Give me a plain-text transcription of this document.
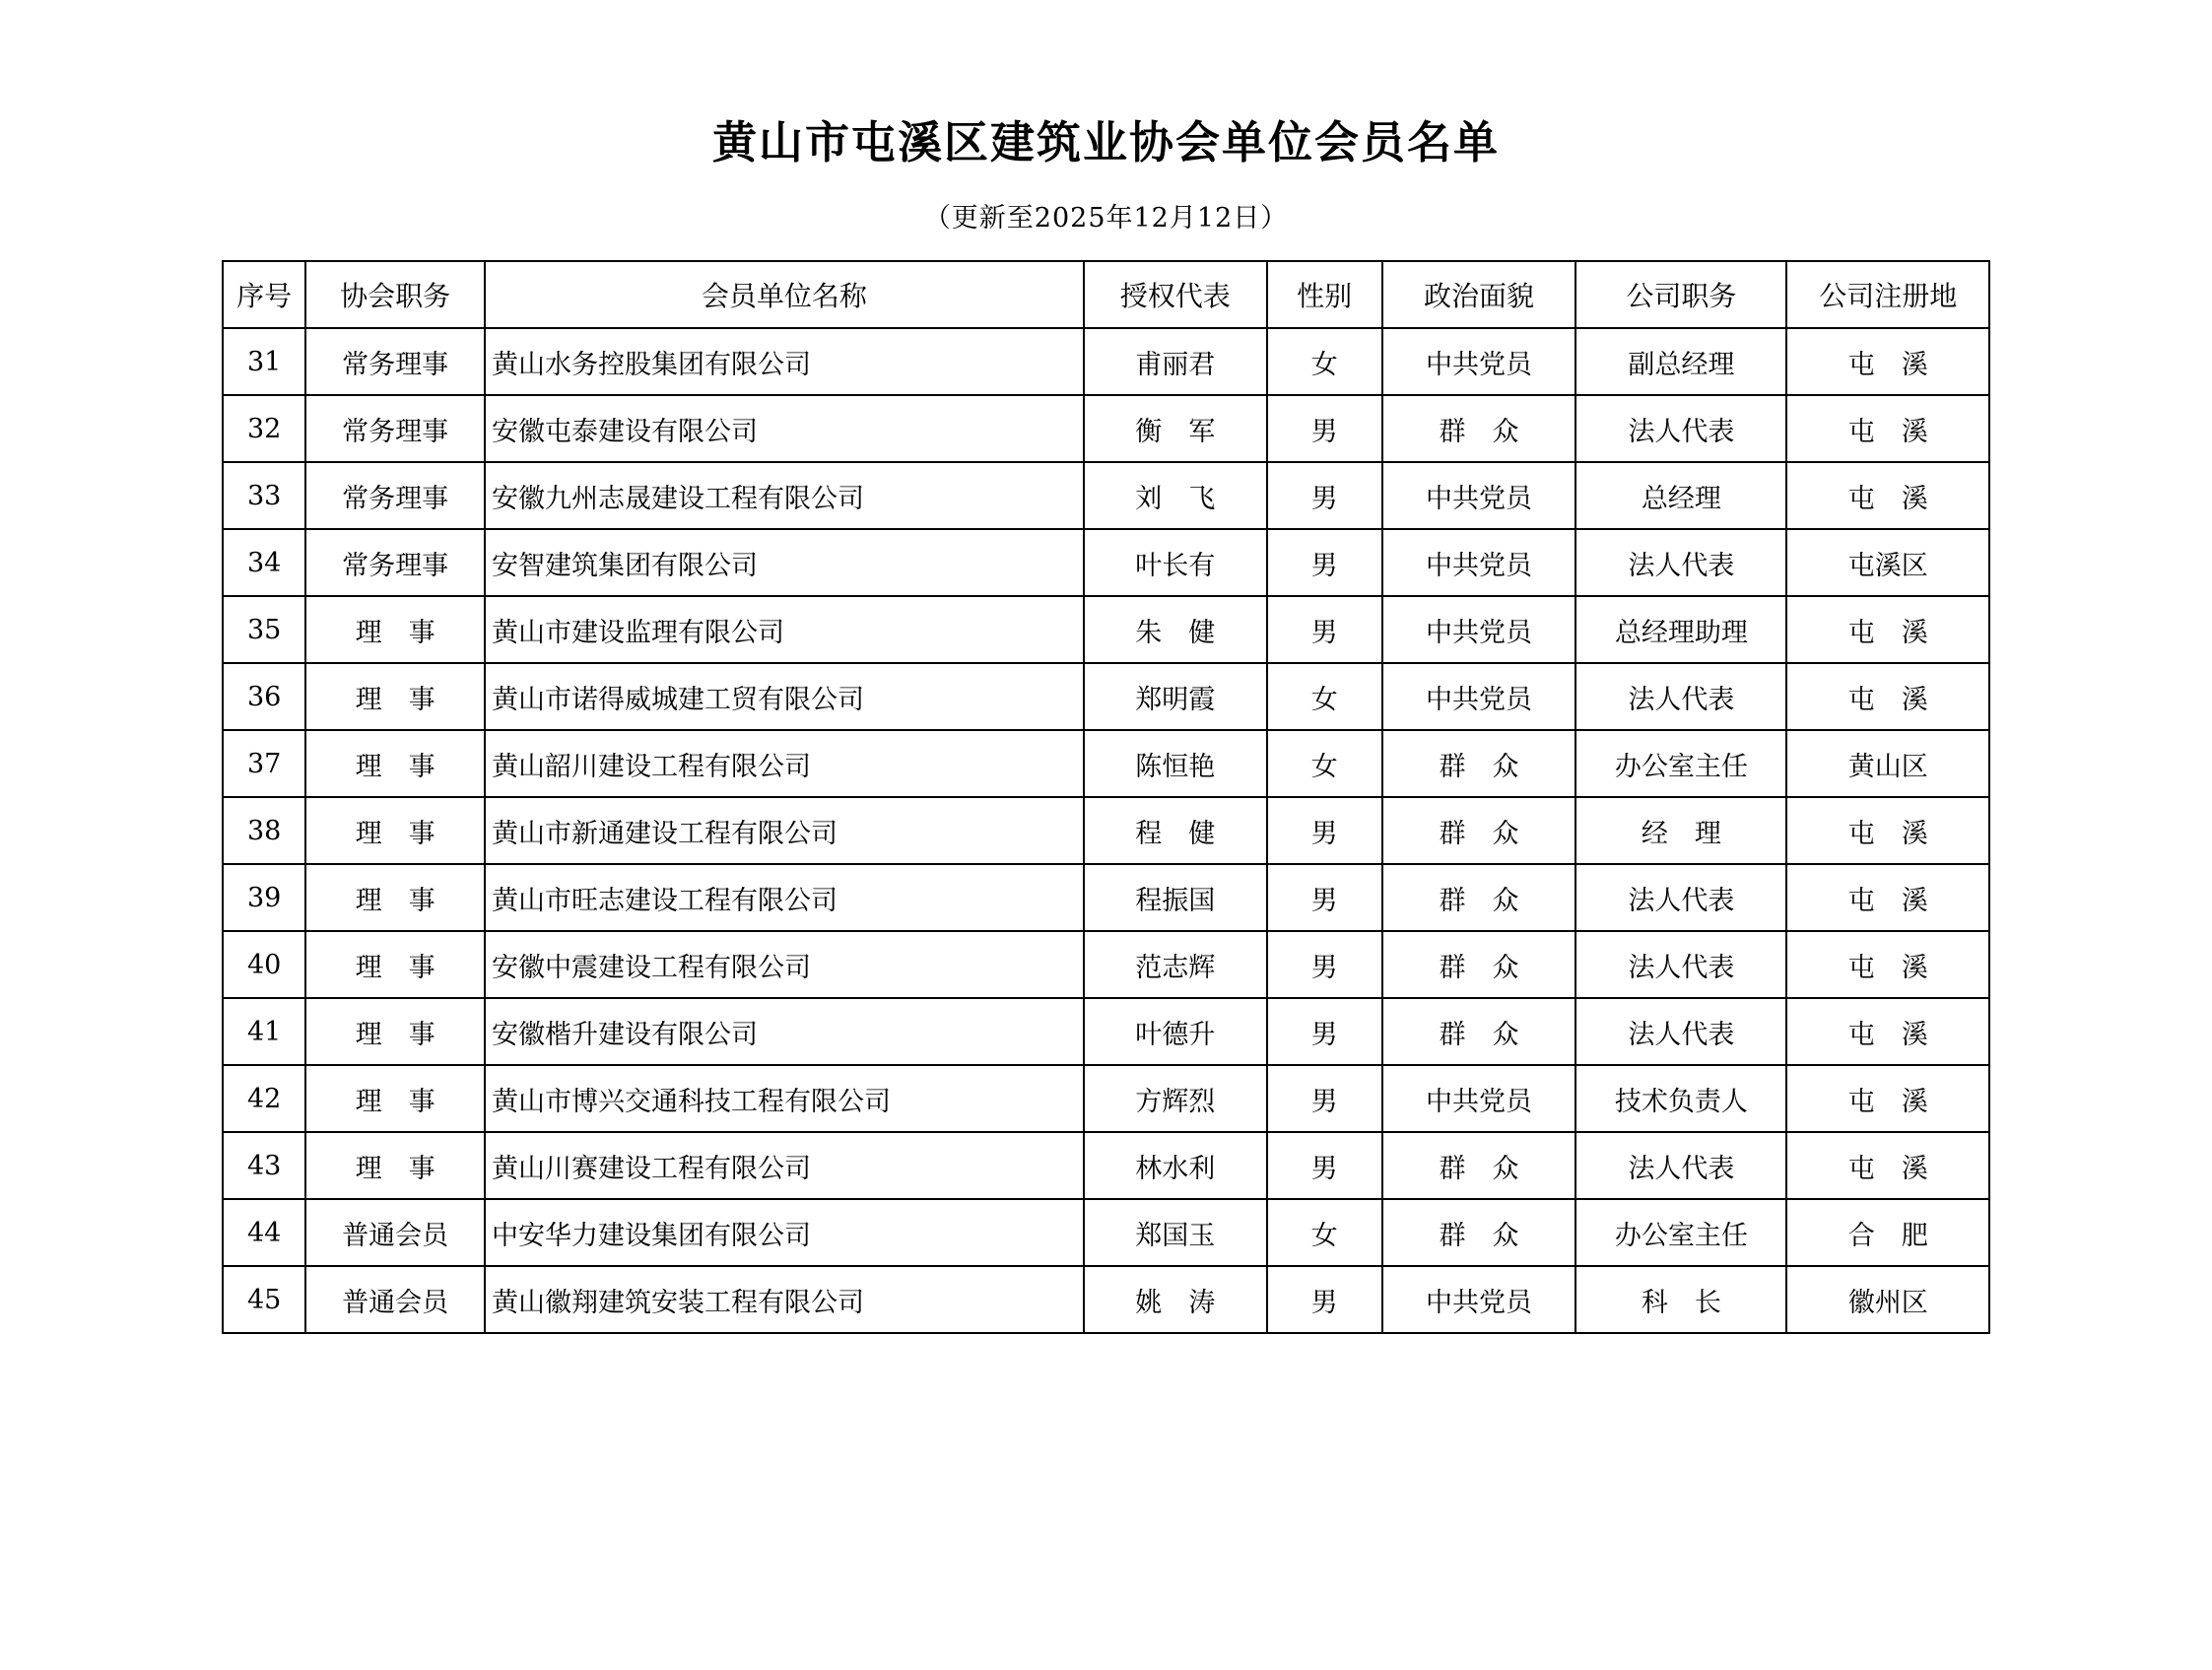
黄山市屯溪区建筑业协会单位会员名单
（更新至2025年12月12日）
序号	协会职务	会员单位名称	授权代表	性别	政治面貌	公司职务	公司注册地
31	常务理事	黄山水务控股集团有限公司	甫丽君	女	中共党员	副总经理	屯　溪
32	常务理事	安徽屯泰建设有限公司	衡　军	男	群　众	法人代表	屯　溪
33	常务理事	安徽九州志晟建设工程有限公司	刘　飞	男	中共党员	总经理	屯　溪
34	常务理事	安智建筑集团有限公司	叶长有	男	中共党员	法人代表	屯溪区
35	理　事	黄山市建设监理有限公司	朱　健	男	中共党员	总经理助理	屯　溪
36	理　事	黄山市诺得威城建工贸有限公司	郑明霞	女	中共党员	法人代表	屯　溪
37	理　事	黄山韶川建设工程有限公司	陈恒艳	女	群　众	办公室主任	黄山区
38	理　事	黄山市新通建设工程有限公司	程　健	男	群　众	经　理	屯　溪
39	理　事	黄山市旺志建设工程有限公司	程振国	男	群　众	法人代表	屯　溪
40	理　事	安徽中震建设工程有限公司	范志辉	男	群　众	法人代表	屯　溪
41	理　事	安徽楷升建设有限公司	叶德升	男	群　众	法人代表	屯　溪
42	理　事	黄山市博兴交通科技工程有限公司	方辉烈	男	中共党员	技术负责人	屯　溪
43	理　事	黄山川赛建设工程有限公司	林水利	男	群　众	法人代表	屯　溪
44	普通会员	中安华力建设集团有限公司	郑国玉	女	群　众	办公室主任	合　肥
45	普通会员	黄山徽翔建筑安装工程有限公司	姚　涛	男	中共党员	科　长	徽州区
